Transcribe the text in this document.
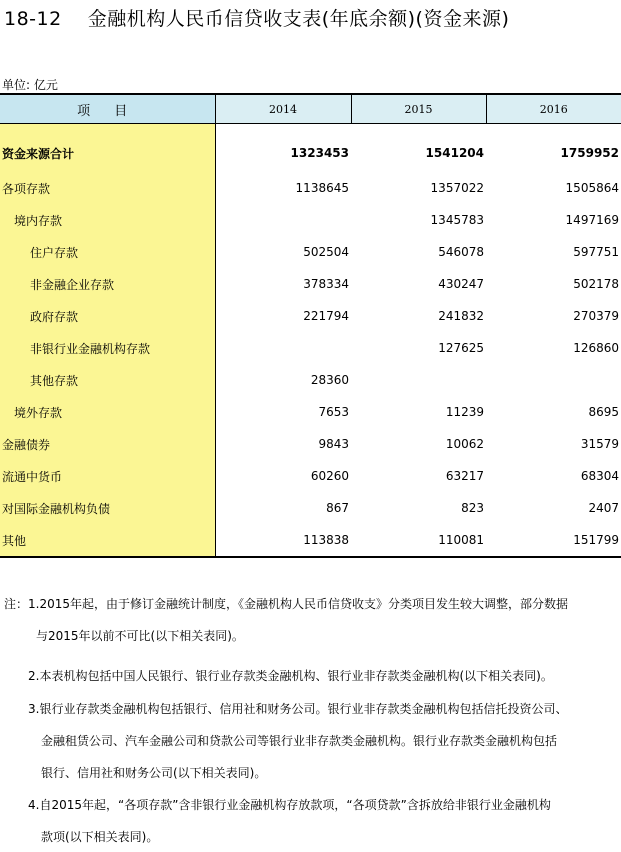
18-12 金融机构人民币信贷收支表(年底余额)(资金来源)
单位: 亿元
项 目	2014	2015	2016

资金来源合计	1323453	1541204	1759952
各项存款	1138645	1357022	1505864
境内存款		1345783	1497169
住户存款	502504	546078	597751
非金融企业存款	378334	430247	502178
政府存款	221794	241832	270379
非银行业金融机构存款		127625	126860
其他存款	28360		
境外存款	7653	11239	8695
金融债券	9843	10062	31579
流通中货币	60260	63217	68304
对国际金融机构负债	867	823	2407
其他	113838	110081	151799
注：1.2015年起，由于修订金融统计制度，《金融机构人民币信贷收支》分类项目发生较大调整，部分数据
与2015年以前不可比(以下相关表同)。
2.本表机构包括中国人民银行、银行业存款类金融机构、银行业非存款类金融机构(以下相关表同)。
3.银行业存款类金融机构包括银行、信用社和财务公司。银行业非存款类金融机构包括信托投资公司、
金融租赁公司、汽车金融公司和贷款公司等银行业非存款类金融机构。银行业存款类金融机构包括
银行、信用社和财务公司(以下相关表同)。
4.自2015年起，“各项存款”含非银行业金融机构存放款项，“各项贷款”含拆放给非银行业金融机构
款项(以下相关表同)。
